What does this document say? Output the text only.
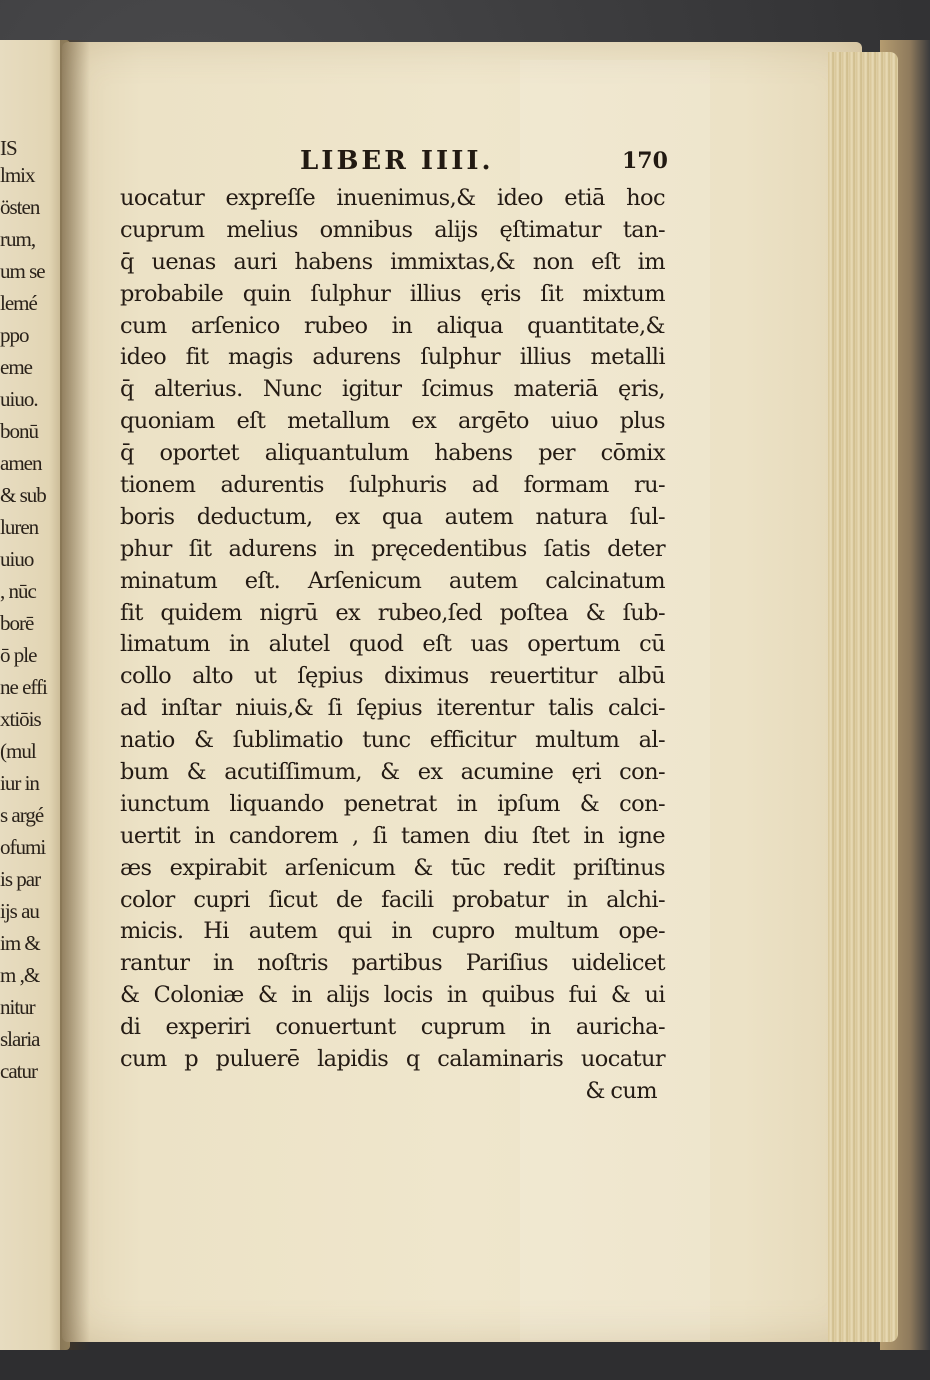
IS
lmix
östen
rum,
um se
lemé
ppo
eme
uiuo.
bonū
amen
& sub
luren
uiuo
, nūc
borē
ō ple
ne effi
xtiōis
(mul
iur in
s argé
ofumi
is par
ijs au
im &
m ,&
nitur
slaria
catur
LIBER IIII.	170
uocatur expreſſe inuenimus,& ideo etiā hoc
cuprum melius omnibus alijs ęſtimatur tan-
q̄ uenas auri habens immixtas,& non eſt im
probabile quin ſulphur illius ęris ſit mixtum
cum arſenico rubeo in aliqua quantitate,&
ideo fit magis adurens ſulphur illius metalli
q̄ alterius. Nunc igitur ſcimus materiā ęris,
quoniam eſt metallum ex argēto uiuo plus
q̄ oportet aliquantulum habens per cōmix
tionem adurentis ſulphuris ad formam ru-
boris deductum, ex qua autem natura ſul-
phur ſit adurens in pręcedentibus ſatis deter
minatum eſt. Arſenicum autem calcinatum
fit quidem nigrū ex rubeo,ſed poſtea & ſub-
limatum in alutel quod eſt uas opertum cū
collo alto ut ſępius diximus reuertitur albū
ad inſtar niuis,& ſi ſępius iterentur talis calci-
natio & ſublimatio tunc efficitur multum al-
bum & acutiſſimum, & ex acumine ęri con-
iunctum liquando penetrat in ipſum & con-
uertit in candorem , ſi tamen diu ſtet in igne
æs expirabit arſenicum & tūc redit priſtinus
color cupri ſicut de facili probatur in alchi-
micis. Hi autem qui in cupro multum ope-
rantur in noſtris partibus Pariſius uidelicet
& Coloniæ & in alijs locis in quibus fui & ui
di experiri conuertunt cuprum in auricha-
cum p puluerē lapidis q calaminaris uocatur
& cum
